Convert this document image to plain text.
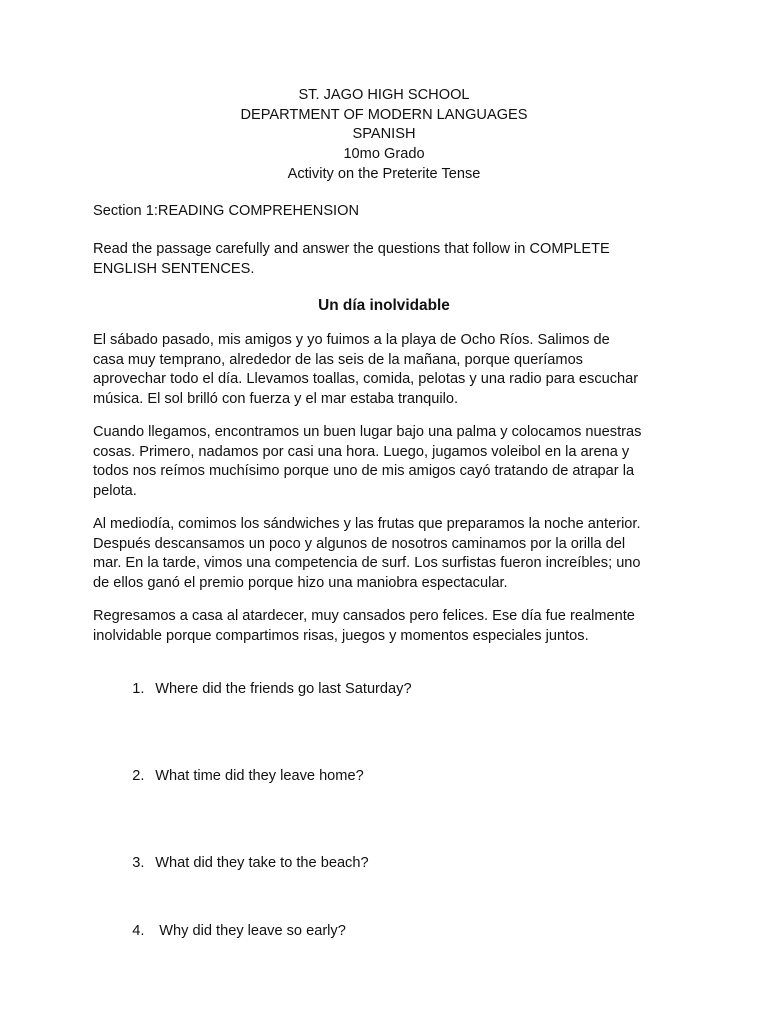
ST. JAGO HIGH SCHOOL
DEPARTMENT OF MODERN LANGUAGES
SPANISH
10mo Grado
Activity on the Preterite Tense
Section 1:READING COMPREHENSION
Read the passage carefully and answer the questions that follow in COMPLETE
ENGLISH SENTENCES.
Un día inolvidable
El sábado pasado, mis amigos y yo fuimos a la playa de Ocho Ríos. Salimos de
casa muy temprano, alrededor de las seis de la mañana, porque queríamos
aprovechar todo el día. Llevamos toallas, comida, pelotas y una radio para escuchar
música. El sol brilló con fuerza y el mar estaba tranquilo.
Cuando llegamos, encontramos un buen lugar bajo una palma y colocamos nuestras
cosas. Primero, nadamos por casi una hora. Luego, jugamos voleibol en la arena y
todos nos reímos muchísimo porque uno de mis amigos cayó tratando de atrapar la
pelota.
Al mediodía, comimos los sándwiches y las frutas que preparamos la noche anterior.
Después descansamos un poco y algunos de nosotros caminamos por la orilla del
mar. En la tarde, vimos una competencia de surf. Los surfistas fueron increíbles; uno
de ellos ganó el premio porque hizo una maniobra espectacular.
Regresamos a casa al atardecer, muy cansados pero felices. Ese día fue realmente
inolvidable porque compartimos risas, juegos y momentos especiales juntos.

1. Where did the friends go last Saturday?

2. What time did they leave home?

3. What did they take to the beach?

4. Why did they leave so early?
